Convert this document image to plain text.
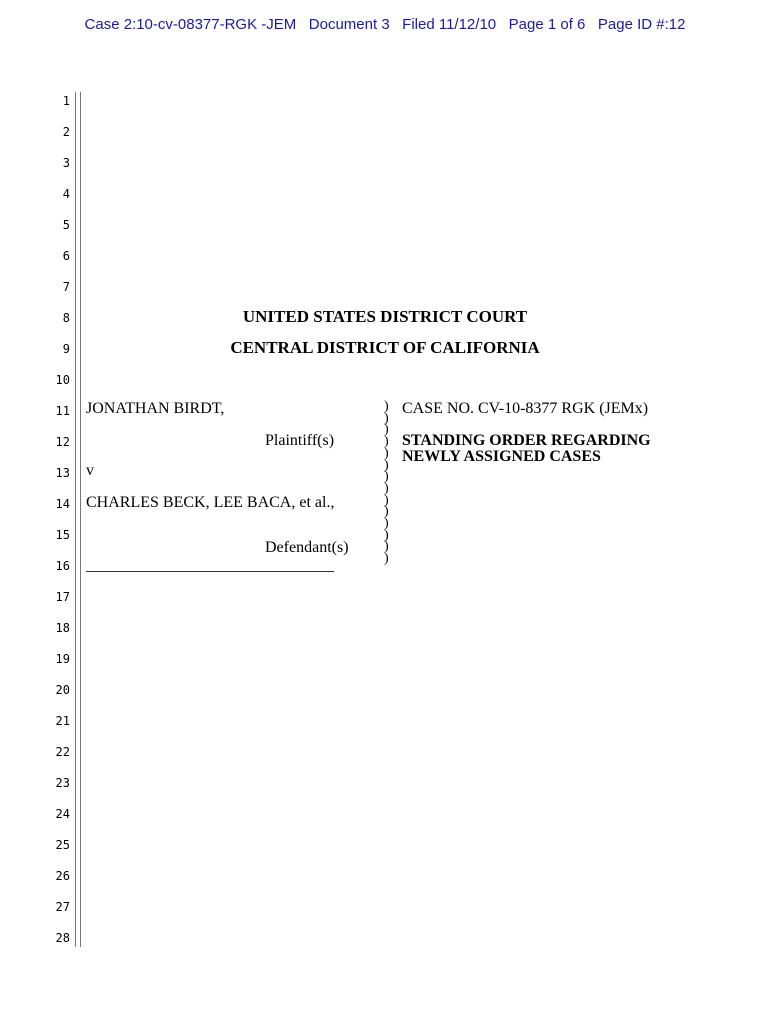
Case 2:10-cv-08377-RGK -JEM Document 3 Filed 11/12/10 Page 1 of 6 Page ID #:12
1
2
3
4
5
6
7
8
9
10
11
12
13
14
15
16
17
18
19
20
21
22
23
24
25
26
27
28
UNITED STATES DISTRICT COURT
CENTRAL DISTRICT OF CALIFORNIA
JONATHAN BIRDT,
Plaintiff(s)
v
CHARLES BECK, LEE BACA, et al.,
Defendant(s)
_______________________________
)
)
)
)
)
)
)
)
)
)
)
)
)
)
CASE NO. CV-10-8377 RGK (JEMx)
STANDING ORDER REGARDING
NEWLY ASSIGNED CASES
